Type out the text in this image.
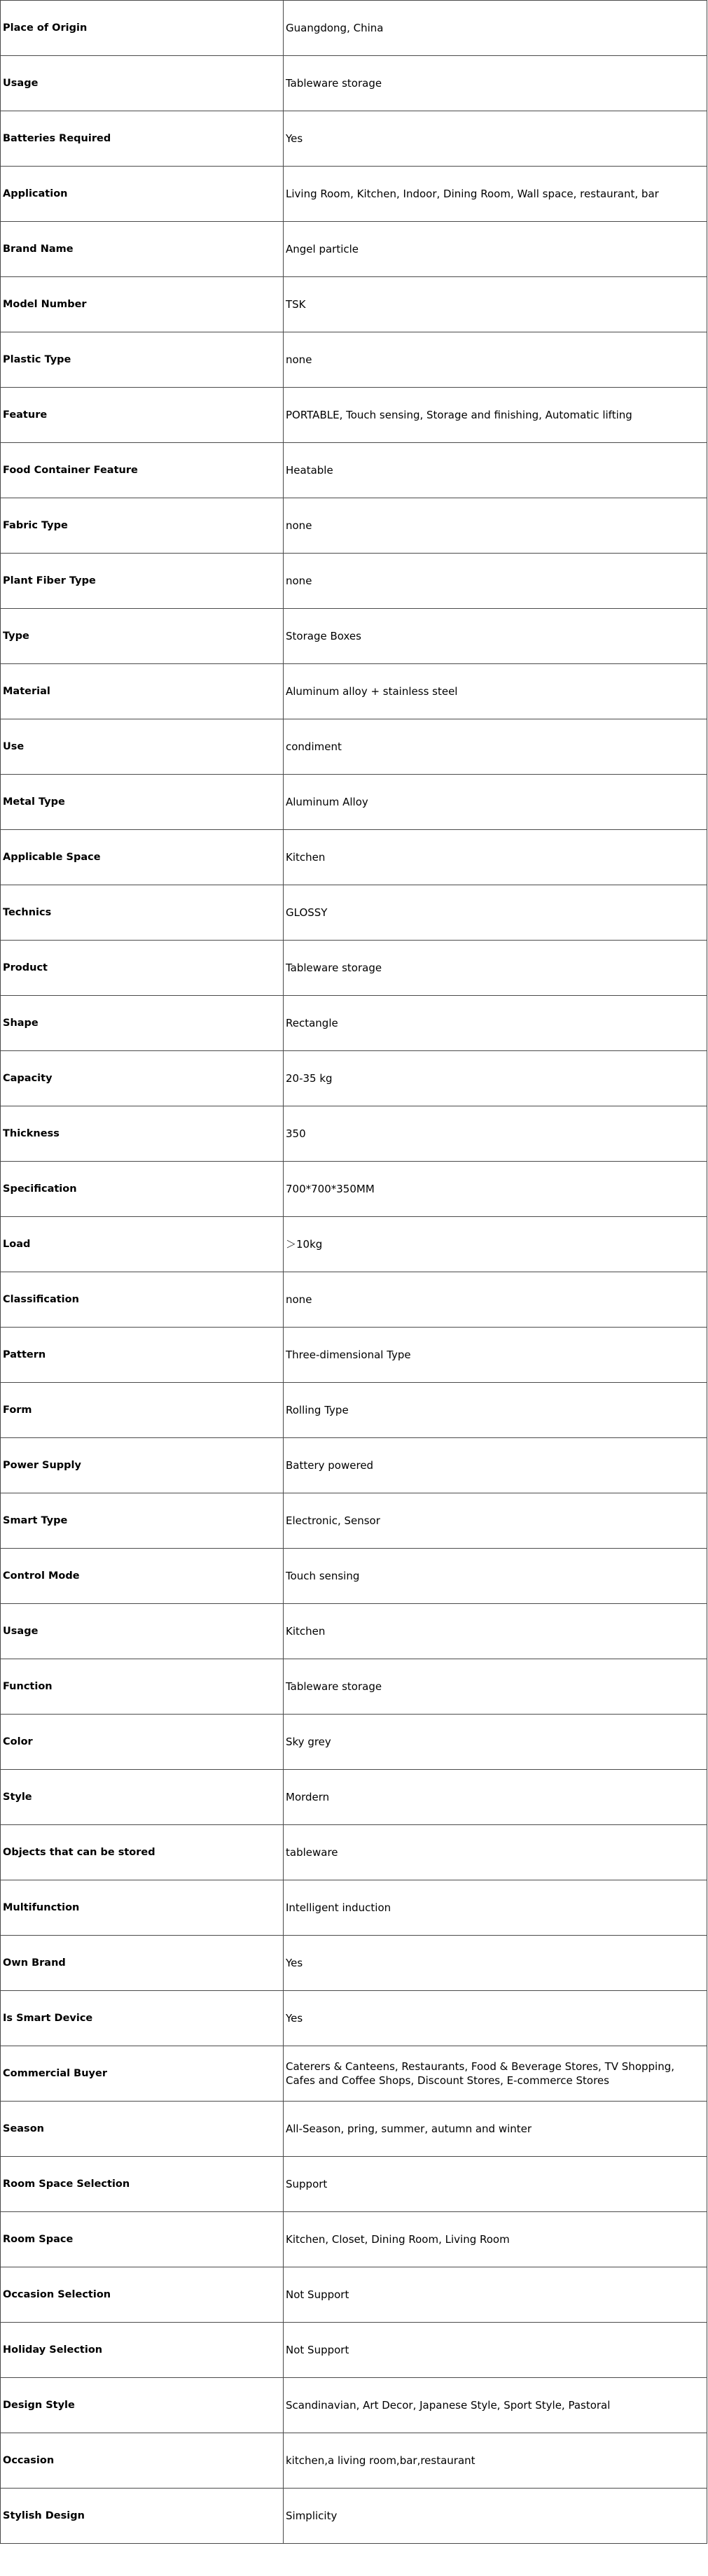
Place of Origin	Guangdong, China
Usage	Tableware storage
Batteries Required	Yes
Application	Living Room, Kitchen, Indoor, Dining Room, Wall space, restaurant, bar
Brand Name	Angel particle
Model Number	TSK
Plastic Type	none
Feature	PORTABLE, Touch sensing, Storage and finishing, Automatic lifting
Food Container Feature	Heatable
Fabric Type	none
Plant Fiber Type	none
Type	Storage Boxes
Material	Aluminum alloy + stainless steel
Use	condiment
Metal Type	Aluminum Alloy
Applicable Space	Kitchen
Technics	GLOSSY
Product	Tableware storage
Shape	Rectangle
Capacity	20-35 kg
Thickness	350
Specification	700*700*350MM
Load	＞10kg
Classification	none
Pattern	Three-dimensional Type
Form	Rolling Type
Power Supply	Battery powered
Smart Type	Electronic, Sensor
Control Mode	Touch sensing
Usage	Kitchen
Function	Tableware storage
Color	Sky grey
Style	Mordern
Objects that can be stored	tableware
Multifunction	Intelligent induction
Own Brand	Yes
Is Smart Device	Yes
Commercial Buyer	Caterers & Canteens, Restaurants, Food & Beverage Stores, TV Shopping, Cafes and Coffee Shops, Discount Stores, E-commerce Stores
Season	All-Season, pring, summer, autumn and winter
Room Space Selection	Support
Room Space	Kitchen, Closet, Dining Room, Living Room
Occasion Selection	Not Support
Holiday Selection	Not Support
Design Style	Scandinavian, Art Decor, Japanese Style, Sport Style, Pastoral
Occasion	kitchen,a living room,bar,restaurant
Stylish Design	Simplicity
